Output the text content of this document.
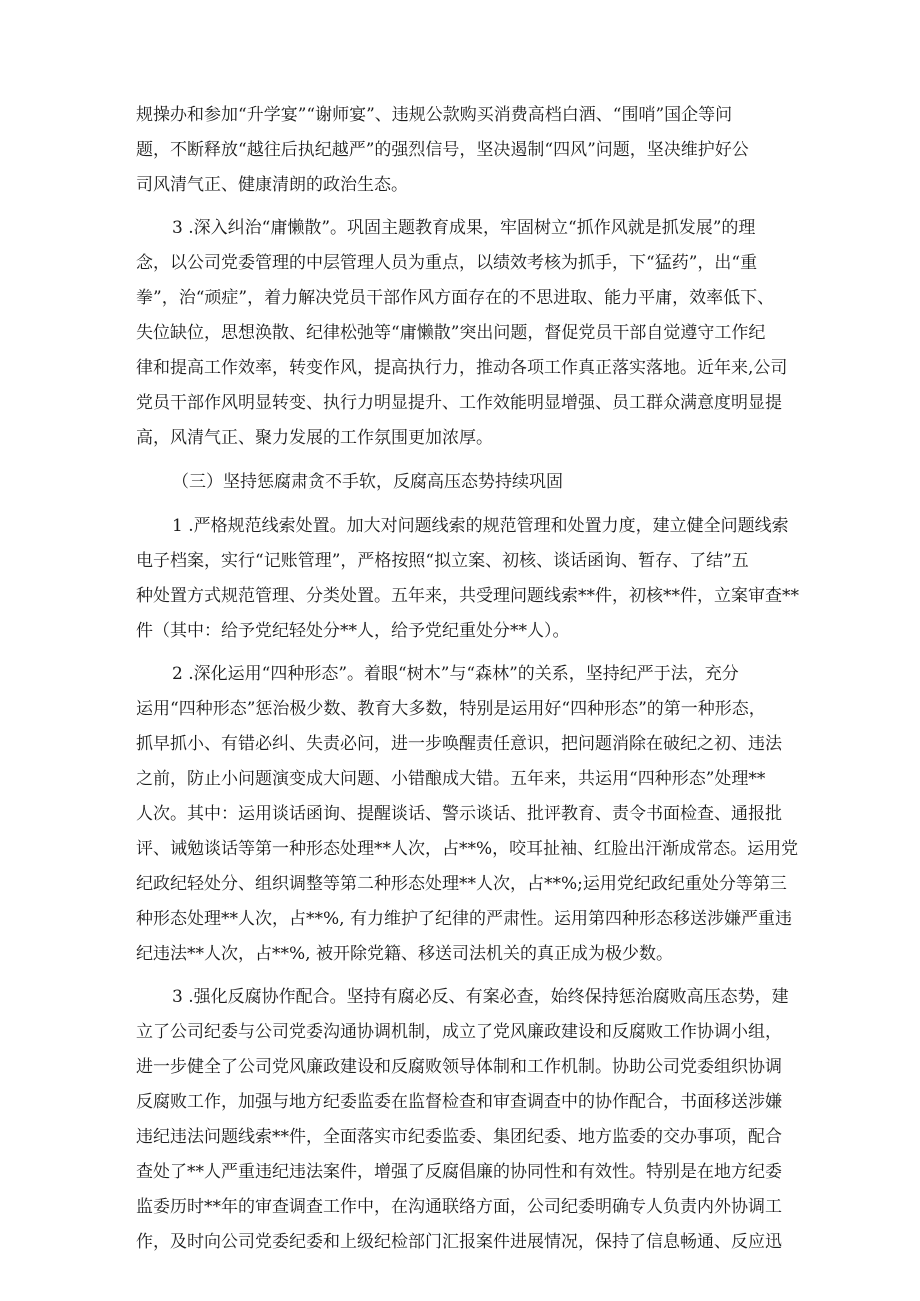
规操办和参加“升学宴”“谢师宴”、违规公款购买消费高档白酒、“围哨”国企等问
题，不断释放“越往后执纪越严”的强烈信号，坚决遏制“四风”问题，坚决维护好公
司风清气正、健康清朗的政治生态。
3 .深入纠治“庸懒散”。巩固主题教育成果，牢固树立“抓作风就是抓发展”的理
念，以公司党委管理的中层管理人员为重点，以绩效考核为抓手，下“猛药”，出“重
拳”，治“顽症”，着力解决党员干部作风方面存在的不思进取、能力平庸，效率低下、
失位缺位，思想涣散、纪律松弛等“庸懒散”突出问题，督促党员干部自觉遵守工作纪
律和提高工作效率，转变作风，提高执行力，推动各项工作真正落实落地。近年来,公司
党员干部作风明显转变、执行力明显提升、工作效能明显增强、员工群众满意度明显提
高，风清气正、聚力发展的工作氛围更加浓厚。
（三）坚持惩腐肃贪不手软，反腐高压态势持续巩固
1 .严格规范线索处置。加大对问题线索的规范管理和处置力度，建立健全问题线索
电子档案，实行“记账管理”，严格按照“拟立案、初核、谈话函询、暂存、了结”五
种处置方式规范管理、分类处置。五年来，共受理问题线索**件，初核**件，立案审查**
件（其中：给予党纪轻处分**人，给予党纪重处分**人）。
2 .深化运用“四种形态”。着眼“树木”与“森林”的关系，坚持纪严于法，充分
运用“四种形态”惩治极少数、教育大多数，特别是运用好“四种形态”的第一种形态，
抓早抓小、有错必纠、失责必问，进一步唤醒责任意识，把问题消除在破纪之初、违法
之前，防止小问题演变成大问题、小错酿成大错。五年来，共运用“四种形态”处理**
人次。其中：运用谈话函询、提醒谈话、警示谈话、批评教育、责令书面检查、通报批
评、诫勉谈话等第一种形态处理**人次，占**%，咬耳扯袖、红脸出汗渐成常态。运用党
纪政纪轻处分、组织调整等第二种形态处理**人次，占**%;运用党纪政纪重处分等第三
种形态处理**人次，占**%, 有力维护了纪律的严肃性。运用第四种形态移送涉嫌严重违
纪违法**人次，占**%, 被开除党籍、移送司法机关的真正成为极少数。
3 .强化反腐协作配合。坚持有腐必反、有案必查，始终保持惩治腐败高压态势，建
立了公司纪委与公司党委沟通协调机制，成立了党风廉政建设和反腐败工作协调小组，
进一步健全了公司党风廉政建设和反腐败领导体制和工作机制。协助公司党委组织协调
反腐败工作，加强与地方纪委监委在监督检查和审查调查中的协作配合，书面移送涉嫌
违纪违法问题线索**件，全面落实市纪委监委、集团纪委、地方监委的交办事项，配合
查处了**人严重违纪违法案件，增强了反腐倡廉的协同性和有效性。特别是在地方纪委
监委历时**年的审查调查工作中，在沟通联络方面，公司纪委明确专人负责内外协调工
作，及时向公司党委纪委和上级纪检部门汇报案件进展情况，保持了信息畅通、反应迅
